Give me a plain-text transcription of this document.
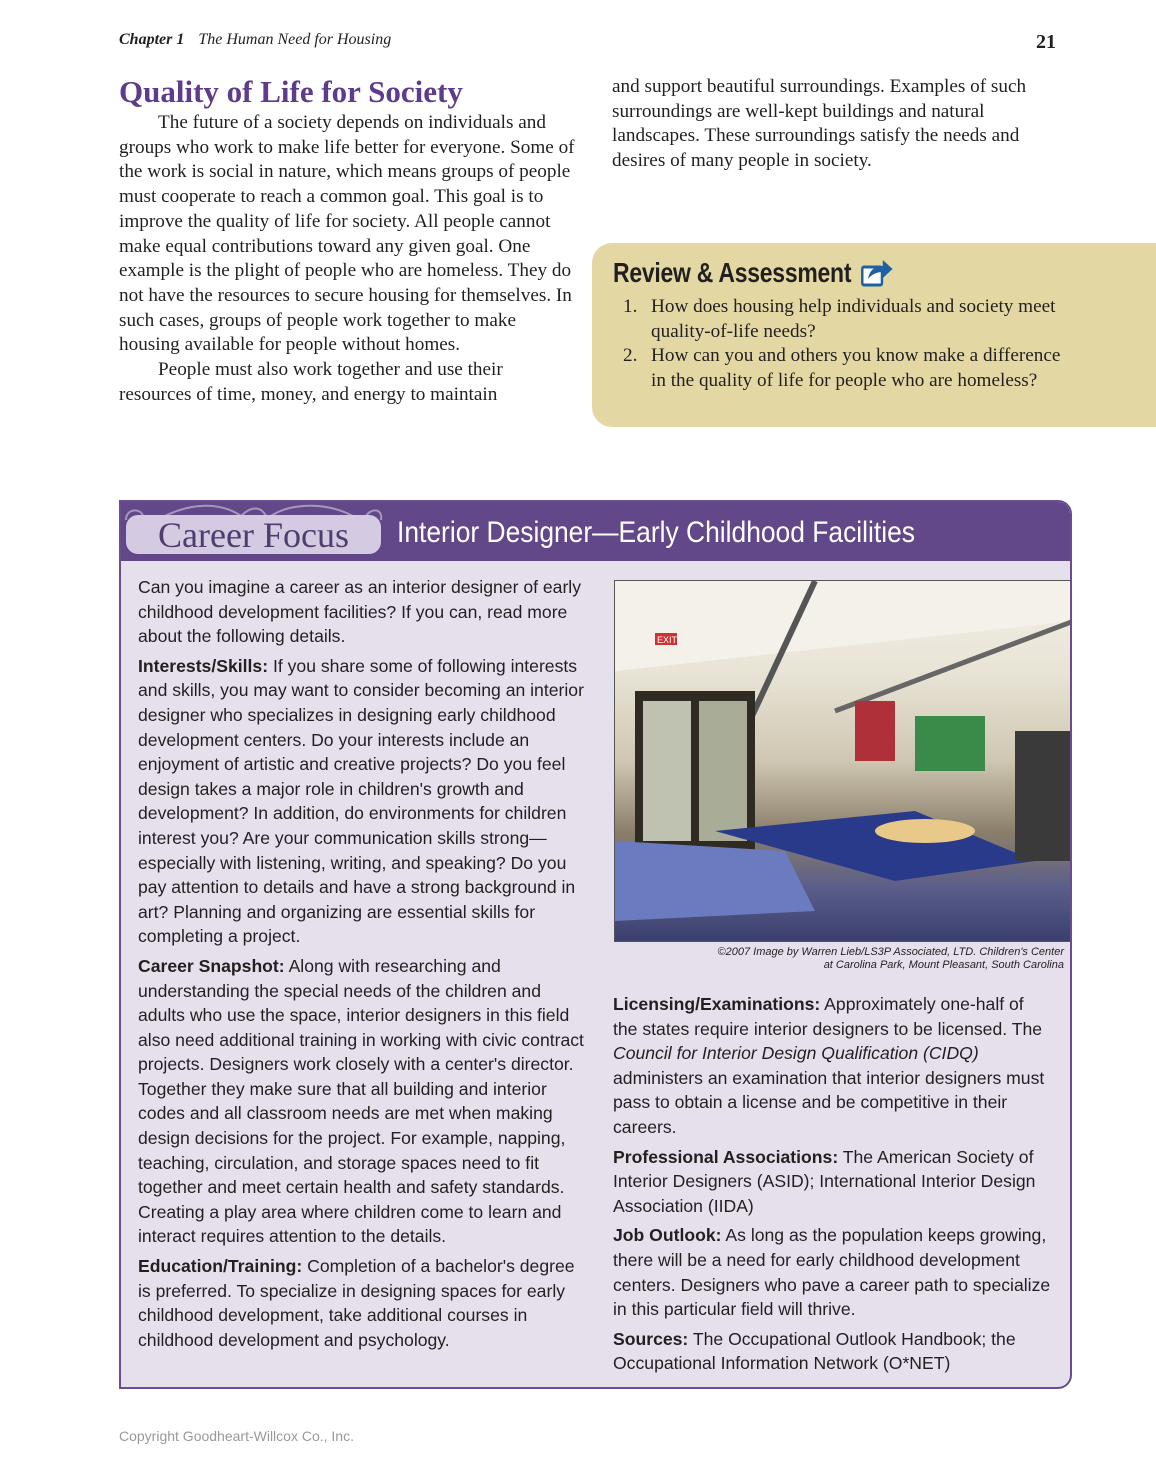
Chapter 1 The Human Need for Housing	21
Quality of Life for Society

The future of a society depends on individuals and groups who work to make life better for everyone. Some of the work is social in nature, which means groups of people must cooperate to reach a common goal. This goal is to improve the quality of life for society. All people cannot make equal contributions toward any given goal. One example is the plight of people who are homeless. They do not have the resources to secure housing for themselves. In such cases, groups of people work together to make housing available for people without homes.

People must also work together and use their resources of time, money, and energy to maintain

and support beautiful surroundings. Examples of such surroundings are well-kept buildings and natural landscapes. These surroundings satisfy the needs and desires of many people in society.
Review & Assessment
1. How does housing help individuals and society meet quality-of-life needs?
2. How can you and others you know make a difference in the quality of life for people who are homeless?
Career Focus	Interior Designer—Early Childhood Facilities

Can you imagine a career as an interior designer of early childhood development facilities? If you can, read more about the following details.

Interests/Skills: If you share some of following interests and skills, you may want to consider becoming an interior designer who specializes in designing early childhood development centers. Do your interests include an enjoyment of artistic and creative projects? Do you feel design takes a major role in children's growth and development? In addition, do environments for children interest you? Are your communication skills strong—especially with listening, writing, and speaking? Do you pay attention to details and have a strong background in art? Planning and organizing are essential skills for completing a project.

Career Snapshot: Along with researching and understanding the special needs of the children and adults who use the space, interior designers in this field also need additional training in working with civic contract projects. Designers work closely with a center's director. Together they make sure that all building and interior codes and all classroom needs are met when making design decisions for the project. For example, napping, teaching, circulation, and storage spaces need to fit together and meet certain health and safety standards. Creating a play area where children come to learn and interact requires attention to the details.

Education/Training: Completion of a bachelor's degree is preferred. To specialize in designing spaces for early childhood development, take additional courses in childhood development and psychology.

EXIT
©2007 Image by Warren Lieb/LS3P Associated, LTD. Children's Center
at Carolina Park, Mount Pleasant, South Carolina

Licensing/Examinations: Approximately one-half of the states require interior designers to be licensed. The Council for Interior Design Qualification (CIDQ) administers an examination that interior designers must pass to obtain a license and be competitive in their careers.

Professional Associations: The American Society of Interior Designers (ASID); International Interior Design Association (IIDA)

Job Outlook: As long as the population keeps growing, there will be a need for early childhood development centers. Designers who pave a career path to specialize in this particular field will thrive.

Sources: The Occupational Outlook Handbook; the Occupational Information Network (O*NET)

Copyright Goodheart-Willcox Co., Inc.
